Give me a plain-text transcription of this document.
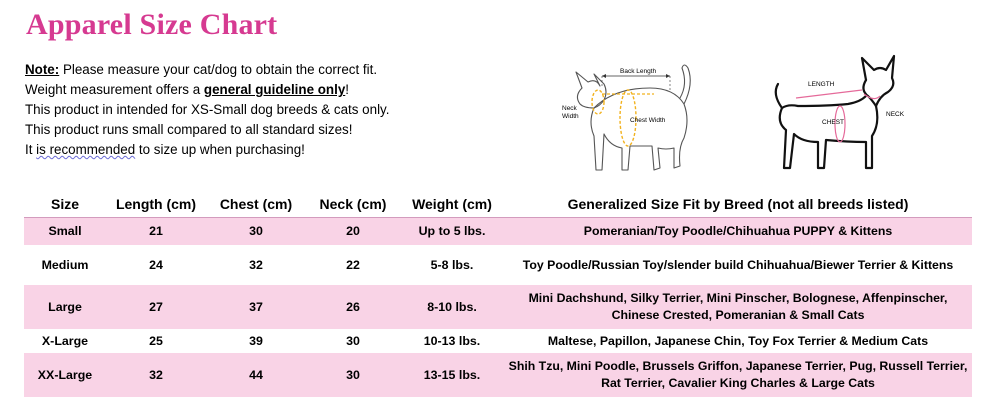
Apparel Size Chart
Note: Please measure your cat/dog to obtain the correct fit.
Weight measurement offers a general guideline only!
This product in intended for XS-Small dog breeds & cats only.
This product runs small compared to all standard sizes!
It is recommended to size up when purchasing!
Back Length
Neck
Width
Chest Width
LENGTH
NECK
CHEST
Size	Length (cm)	Chest (cm)	Neck (cm)	Weight (cm)	Generalized Size Fit by Breed (not all breeds listed)
Small	21	30	20	Up to 5 lbs.	Pomeranian/Toy Poodle/Chihuahua PUPPY & Kittens
Medium	24	32	22	5-8 lbs.	Toy Poodle/Russian Toy/slender build Chihuahua/Biewer Terrier & Kittens
Large	27	37	26	8-10 lbs.	Mini Dachshund, Silky Terrier, Mini Pinscher, Bolognese, Affenpinscher, Chinese Crested, Pomeranian & Small Cats
X-Large	25	39	30	10-13 lbs.	Maltese, Papillon, Japanese Chin, Toy Fox Terrier & Medium Cats
XX-Large	32	44	30	13-15 lbs.	Shih Tzu, Mini Poodle, Brussels Griffon, Japanese Terrier, Pug, Russell Terrier, Rat Terrier, Cavalier King Charles & Large Cats
